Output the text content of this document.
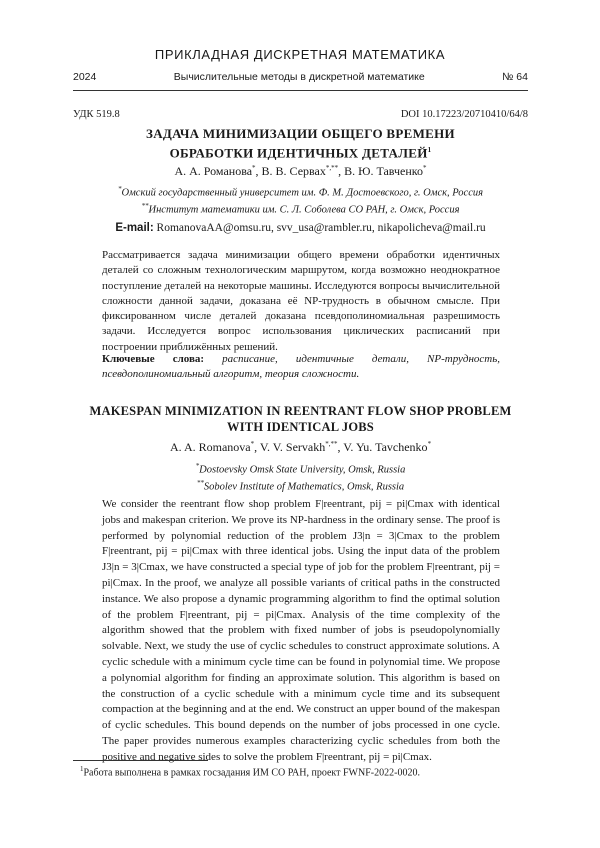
ПРИКЛАДНАЯ ДИСКРЕТНАЯ МАТЕМАТИКА
2024	Вычислительные методы в дискретной математике	№ 64
УДК 519.8	DOI 10.17223/20710410/64/8
ЗАДАЧА МИНИМИЗАЦИИ ОБЩЕГО ВРЕМЕНИ
ОБРАБОТКИ ИДЕНТИЧНЫХ ДЕТАЛЕЙ$^1$
А. А. Романова*, В. В. Сервах*,**, В. Ю. Тавченко*
*Омский государственный университет им. Ф. М. Достоевского, г. Омск, Россия
**Институт математики им. С. Л. Соболева СО РАН, г. Омск, Россия
E-mail: RomanovaAA@omsu.ru, svv_usa@rambler.ru, nikapolicheva@mail.ru
Рассматривается задача минимизации общего времени обработки идентичных деталей со сложным технологическим маршрутом, когда возможно неоднократное поступление деталей на некоторые машины. Исследуются вопросы вычислительной сложности данной задачи, доказана её NP-трудность в обычном смысле. При фиксированном числе деталей доказана псевдополиномиальная разрешимость задачи. Исследуется вопрос использования циклических расписаний при построении приближённых решений.
Ключевые слова: расписание, идентичные детали, NP-трудность, псевдополиномиальный алгоритм, теория сложности.
MAKESPAN MINIMIZATION IN REENTRANT FLOW SHOP PROBLEM
WITH IDENTICAL JOBS
A. A. Romanova*, V. V. Servakh*,**, V. Yu. Tavchenko*
*Dostoevsky Omsk State University, Omsk, Russia
**Sobolev Institute of Mathematics, Omsk, Russia
We consider the reentrant flow shop problem F|reentrant, pij = pi|Cmax with identical jobs and makespan criterion. We prove its NP-hardness in the ordinary sense. The proof is performed by polynomial reduction of the problem J3|n = 3|Cmax to the problem F|reentrant, pij = pi|Cmax with three identical jobs. Using the input data of the problem J3|n = 3|Cmax, we have constructed a special type of job for the problem F|reentrant, pij = pi|Cmax. In the proof, we analyze all possible variants of critical paths in the constructed instance. We also propose a dynamic programming algorithm to find the optimal solution of the problem F|reentrant, pij = pi|Cmax. Analysis of the time complexity of the algorithm showed that the problem with fixed number of jobs is pseudopolynomially solvable. Next, we study the use of cyclic schedules to construct approximate solutions. A cyclic schedule with a minimum cycle time can be found in polynomial time. We propose a polynomial algorithm for finding an approximate solution. This algorithm is based on the construction of a cyclic schedule with a minimum cycle time and its subsequent compaction at the beginning and at the end. We construct an upper bound of the makespan of cyclic schedules. This bound depends on the number of jobs processed in one cycle. The paper provides numerous examples characterizing cyclic schedules from both the positive and negative sides to solve the problem F|reentrant, pij = pi|Cmax.
$^1$Работа выполнена в рамках госзадания ИМ СО РАН, проект FWNF-2022-0020.
